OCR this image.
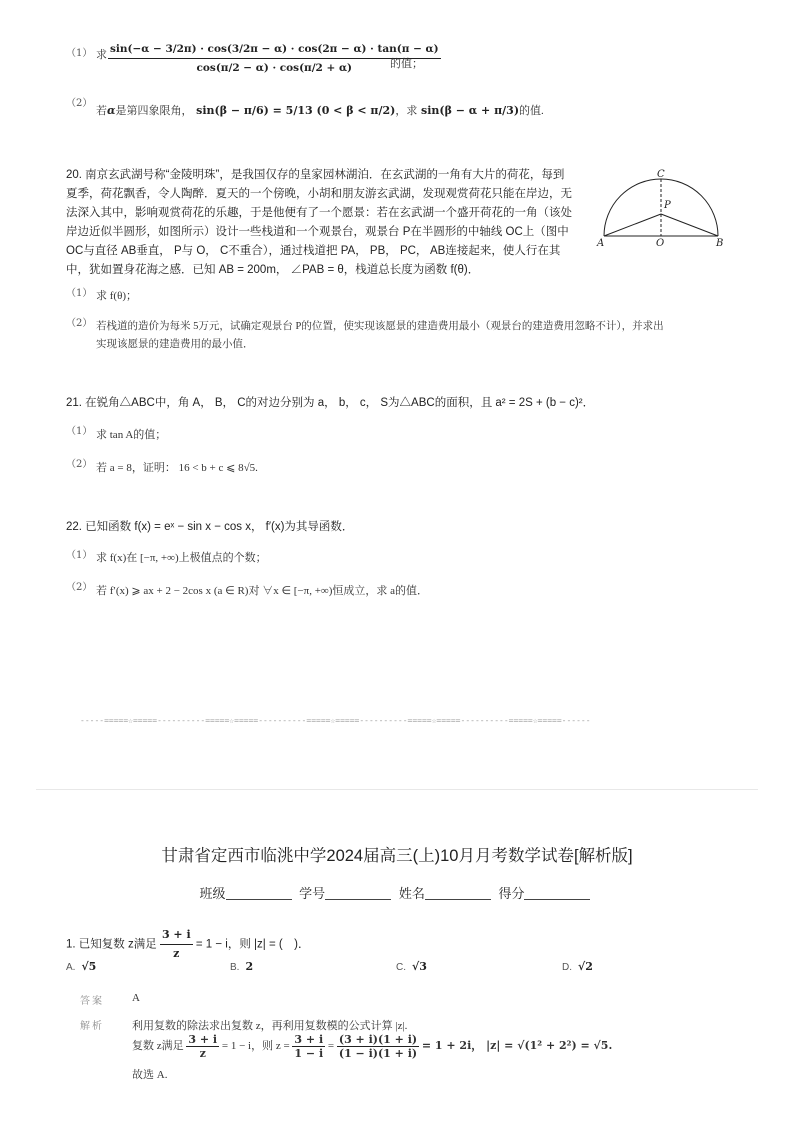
（1） 求 $\frac{\sin(-\alpha - 3/2\pi) \cdot \cos(3/2\pi - \alpha) \cdot \cos(2\pi - \alpha) \cdot \tan(\pi - \alpha)}{\cos(\pi/2 - \alpha) \cdot \cos(\pi/2 + \alpha)}$
的值；
（2）
若α是第四象限角， sin(β − π/6) = 5/13 (0 < β < π/2)，求 sin(β − α + π/3)的值.
20. 南京玄武湖号称“金陵明珠”，是我国仅存的皇家园林湖泊．在玄武湖的一角有大片的荷花，每到
夏季，荷花飘香，令人陶醉．夏天的一个傍晚，小胡和朋友游玄武湖，发现观赏荷花只能在岸边，无
法深入其中，影响观赏荷花的乐趣，于是他便有了一个愿景：若在玄武湖一个盛开荷花的一角（该处
岸边近似半圆形，如图所示）设计一些栈道和一个观景台，观景台 P在半圆形的中轴线 OC上（图中
OC与直径 AB垂直， P与 O， C不重合），通过栈道把 PA， PB， PC， AB连接起来，使人行在其
中，犹如置身花海之感．已知 AB = 200m， ∠PAB = θ，栈道总长度为函数 f(θ)．
C
P
A	O	B
（1） 求 f(θ)；
（2） 若栈道的造价为每米 5万元，试确定观景台 P的位置，使实现该愿景的建造费用最小（观景台的建造费用忽略不计），并求出
实现该愿景的建造费用的最小值．
21. 在锐角△ABC中，角 A， B， C的对边分别为 a， b， c， S为△ABC的面积，且 a² = 2S + (b − c)²．
（1） 求 tan A的值；
（2） 若 a = 8，证明： 16 < b + c ⩽ 8√5.
22. 已知函数 f(x) = eˣ − sin x − cos x， f′(x)为其导函数．
（1） 求 f(x)在 [−π, +∞)上极值点的个数；
（2） 若 f′(x) ⩾ ax + 2 − 2cos x (a ∈ R)对 ∀x ∈ [−π, +∞)恒成立，求 a的值．
-----=====☆=====----------=====☆=====----------=====☆=====----------=====☆=====----------=====☆=====------
甘肃省定西市临洮中学2024届高三(上)10月月考数学试卷[解析版]
班级	学号	姓名	得分
1. 已知复数 z满足 $\frac{3 + i}{z} = 1 - i$，则 |z| = (　)．
A. √5	B. 2	C. √3	D. √2
答案	A
解析	利用复数的除法求出复数 z，再利用复数模的公式计算 |z|.
复数 z满足 $\frac{3 + i}{z} = 1 - i$，则 $z = \frac{3 + i}{1 - i} = \frac{(3 + i)(1 + i)}{(1 - i)(1 + i)} = 1 + 2i$， |z| = √(1² + 2²) = √5.
故选 A.
